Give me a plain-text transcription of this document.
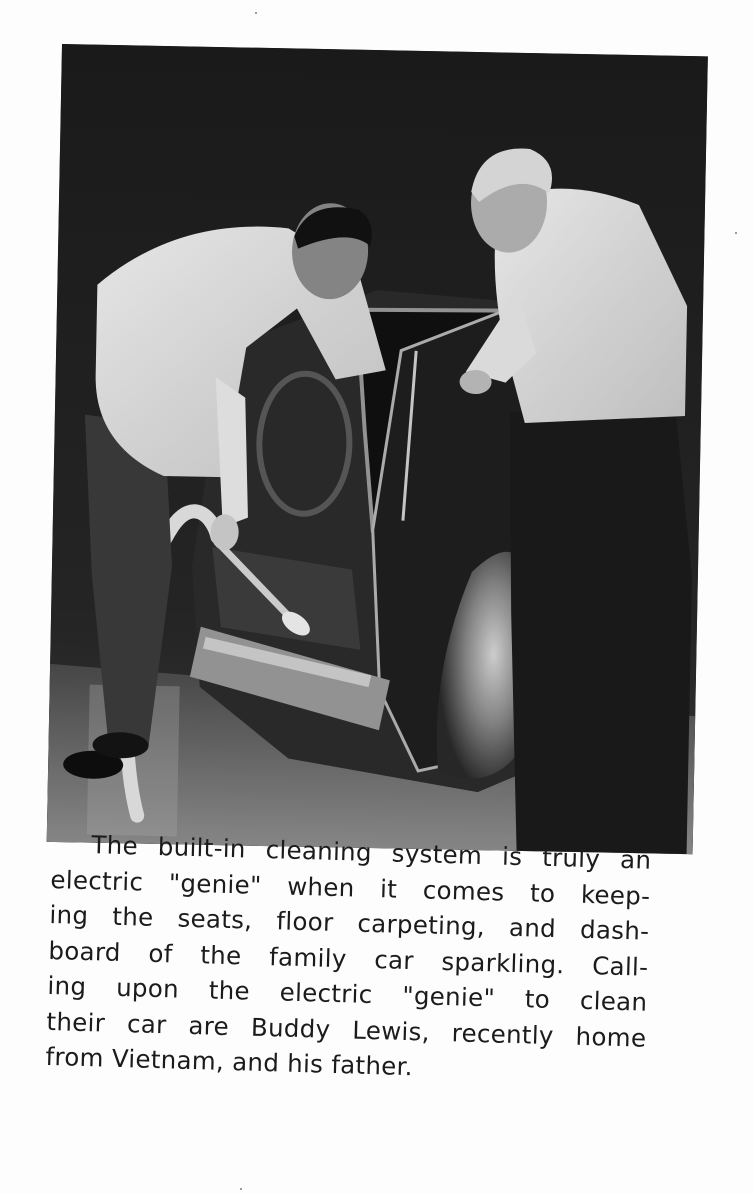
The built-in cleaning system is truly an
electric "genie" when it comes to keep-
ing the seats, floor carpeting, and dash-
board of the family car sparkling. Call-
ing upon the electric "genie" to clean
their car are Buddy Lewis, recently home
from Vietnam, and his father.
